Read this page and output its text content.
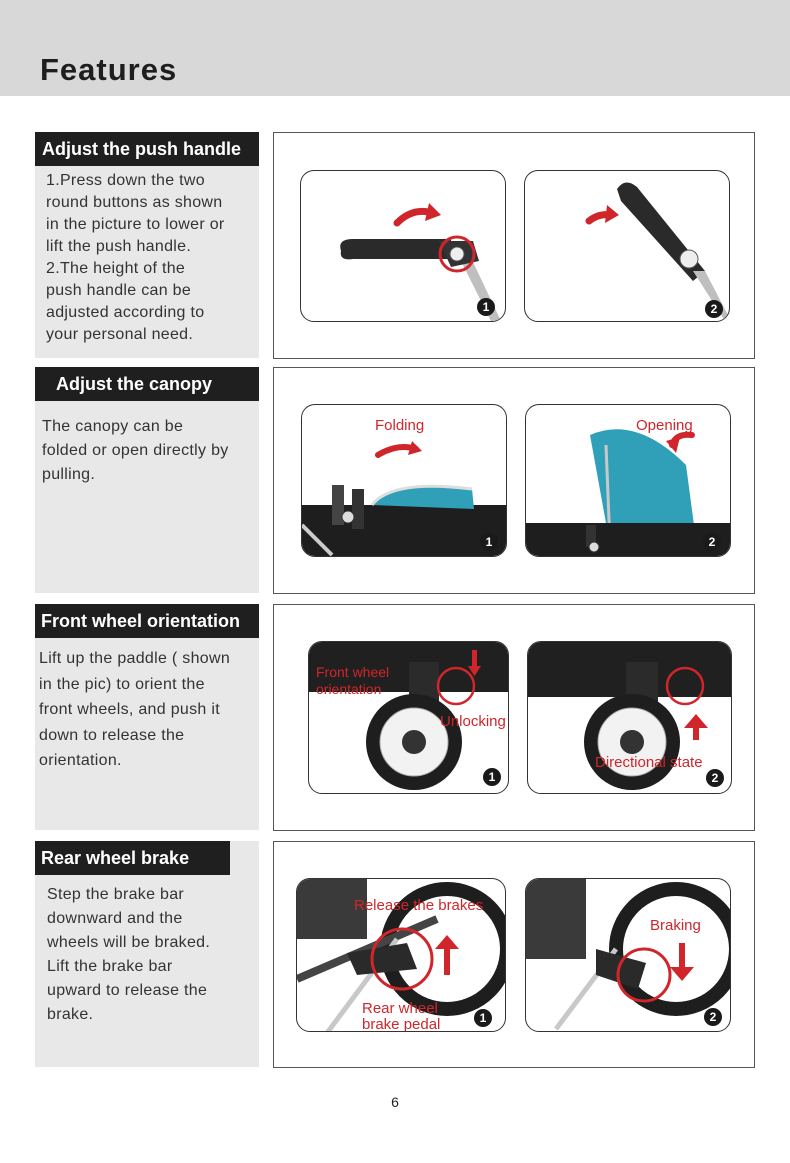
Features
Adjust the push handle
1.Press down the two
round buttons as shown
in the picture to lower or
lift the push handle.
2.The height of the
push handle can be
adjusted according to
your personal need.
1	2
Adjust the canopy
The canopy can be
folded or open directly by
pulling.
Folding
1
Opening
2
Front wheel orientation
Lift up the paddle ( shown
in the pic) to orient the
front wheels, and push it
down to release the
orientation.
Front wheel
orientation
Unlocking
1
Directional state
2
Rear wheel brake
Step the brake bar
downward and the
wheels will be braked.
Lift the brake bar
upward to release the
brake.
Release the brakes
Rear wheel
brake pedal	1
Braking
2
6
